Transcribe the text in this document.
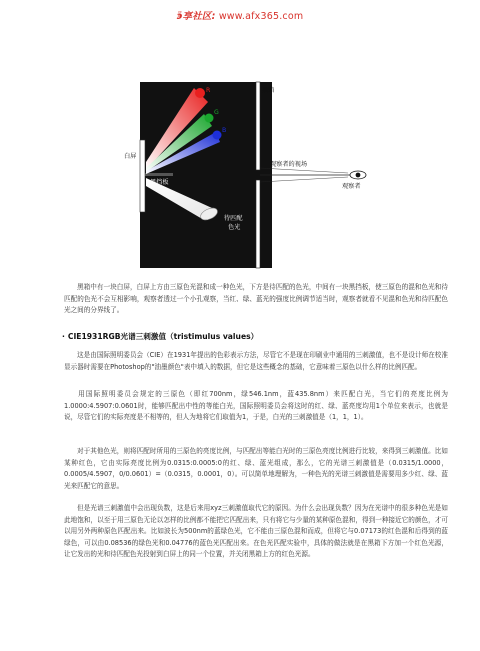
ӭ享社区: www.afx365.com
黑箱
白屏
黑挡板
观察者的视场
观察者
待匹配
色光
R
G
B

黑箱中有一块白屏，白屏上方由三原色光混和成一种色光，下方是待匹配的色光，中间有一块黑挡板，使三原色的混和色光和待匹配的色光不会互相影响，观察者透过一个小孔观察，当红、绿、蓝光的强度比例调节适当时，观察者就看不见混和色光和待匹配色光之间的分界线了。

· CIE1931RGB光谱三刺激值（tristimulus values）

这是由国际照明委员会（CIE）在1931年提出的色彩表示方法，尽管它不是现在印刷业中通用的三刺激值，也不是设计师在校准显示器时需要在Photoshop的"油墨颜色"表中填入的数据，但它是这些概念的基础，它意味着三原色以什么样的比例匹配。

用国际照明委员会规定的三原色（即红700nm，绿546.1nm，蓝435.8nm）来匹配白光，当它们的亮度比例为1.0000:4.5907:0.0601时，能够匹配出中性的等能白光，国际照明委员会将这时的红、绿、蓝亮度均用1个单位来表示，也就是说，尽管它们的实际亮度是不相等的，但人为地将它们取值为1，于是，白光的三刺激值是（1，1，1）。

对于其他色光，则将匹配时所用的三原色的亮度比例，与匹配出等能白光时的三原色亮度比例进行比较，来得到三刺激值。比如某种红色，它由实际亮度比例为0.0315:0.0005:0的红、绿、蓝光组成，那么，它的光谱三刺激值是（0.0315/1.0000，0.0005/4.5907，0/0.0601）=（0.0315，0.0001，0）。可以简单地理解为，一种色光的光谱三刺激值是需要用多少红、绿、蓝光来匹配它的意思。

但是光谱三刺激值中会出现负数，这是后来用xyz三刺激值取代它的原因。为什么会出现负数？因为在光谱中的很多种色光是如此地饱和，以至于用三原色无论以怎样的比例都不能把它匹配出来，只有将它与少量的某种原色混和，得到一种接近它的颜色，才可以用另外两种原色匹配出来。比如波长为500nm的蓝绿色光，它不能由三原色混和而成，但将它与0.07173的红色混和后得到的蓝绿色，可以由0.08536的绿色光和0.04776的蓝色光匹配出来。在色光匹配实验中，具体的做法就是在黑箱下方加一个红色光源，让它发出的光和待匹配色光投射到白屏上的同一个位置，并关闭黑箱上方的红色光源。
